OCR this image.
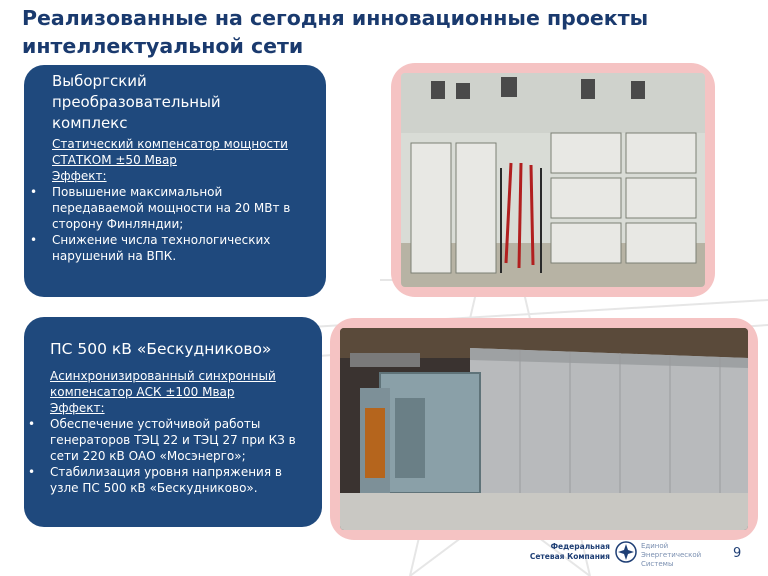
Реализованные на сегодня инновационные проекты
интеллектуальной сети
Выборгский
преобразовательный
комплекс
Статический компенсатор мощности
СТАТКОМ ±50 Мвар
Эффект:
• Повышение максимальной передаваемой мощности на 20 МВт в сторону Финляндии;
• Снижение числа технологических нарушений на ВПК.
ПС 500 кВ «Бескудниково»
Асинхронизированный синхронный
компенсатор АСК ±100 Мвар
Эффект:
• Обеспечение устойчивой работы генераторов ТЭЦ 22 и ТЭЦ 27 при КЗ в сети 220 кВ ОАО «Мосэнерго»;
• Стабилизация уровня напряжения в узле ПС 500 кВ «Бескудниково».
Федеральная
Сетевая Компания
Единой
Энергетической Системы
9
